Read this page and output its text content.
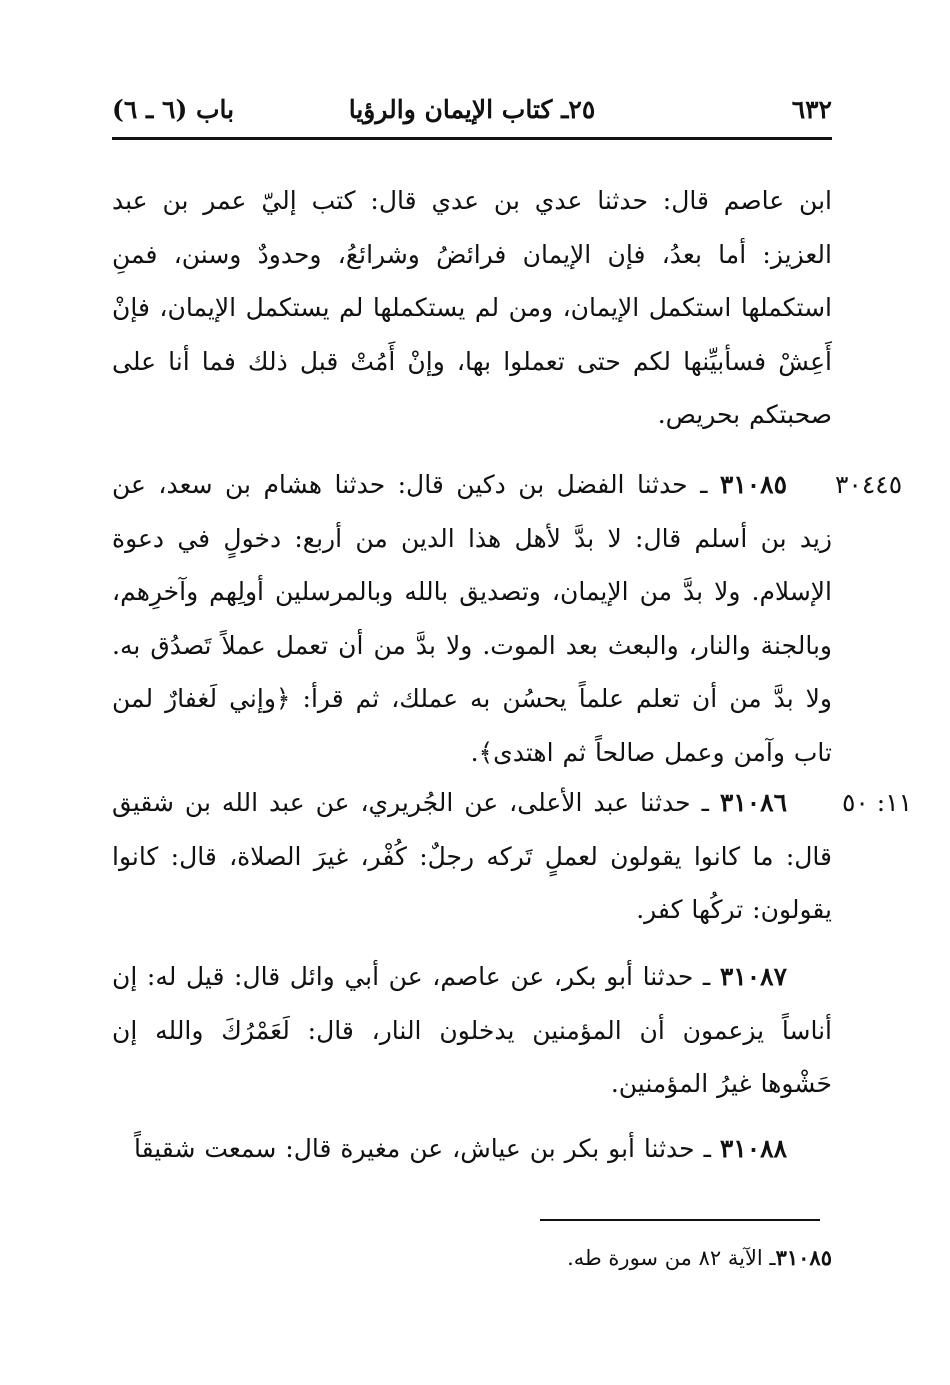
٦٣٢
٢٥ـ كتاب الإيمان والرؤيا
باب (٦ ـ ٦)
ابن عاصم قال: حدثنا عدي بن عدي قال: كتب إليّ عمر بن عبد العزيز: أما بعدُ، فإن الإيمان فرائضُ وشرائعُ، وحدودٌ وسنن، فمنِ استكملها استكمل الإيمان، ومن لم يستكملها لم يستكمل الإيمان، فإنْ أَعِشْ فسأبيِّنها لكم حتى تعملوا بها، وإنْ أَمُتْ قبل ذلك فما أنا على صحبتكم بحريص.
٣٠٤٤٥
٣١٠٨٥ ـ حدثنا الفضل بن دكين قال: حدثنا هشام بن سعد، عن زيد بن أسلم قال: لا بدَّ لأهل هذا الدين من أربع: دخولٍ في دعوة الإسلام. ولا بدَّ من الإيمان، وتصديق بالله وبالمرسلين أولِهم وآخرِهم، وبالجنة والنار، والبعث بعد الموت. ولا بدَّ من أن تعمل عملاً تَصدُق به. ولا بدَّ من أن تعلم علماً يحسُن به عملك، ثم قرأ: ﴿وإني لَغفارٌ لمن تاب وآمن وعمل صالحاً ثم اهتدى﴾.
١١: ٥٠
٣١٠٨٦ ـ حدثنا عبد الأعلى، عن الجُريري، عن عبد الله بن شقيق قال: ما كانوا يقولون لعملٍ تَركه رجلٌ: كُفْر، غيرَ الصلاة، قال: كانوا يقولون: تركُها كفر.
٣١٠٨٧ ـ حدثنا أبو بكر، عن عاصم، عن أبي وائل قال: قيل له: إن أناساً يزعمون أن المؤمنين يدخلون النار، قال: لَعَمْرُكَ والله إن حَشْوها غيرُ المؤمنين.
٣١٠٨٨ ـ حدثنا أبو بكر بن عياش، عن مغيرة قال: سمعت شقيقاً
٣١٠٨٥ـ الآية ٨٢ من سورة طه.
